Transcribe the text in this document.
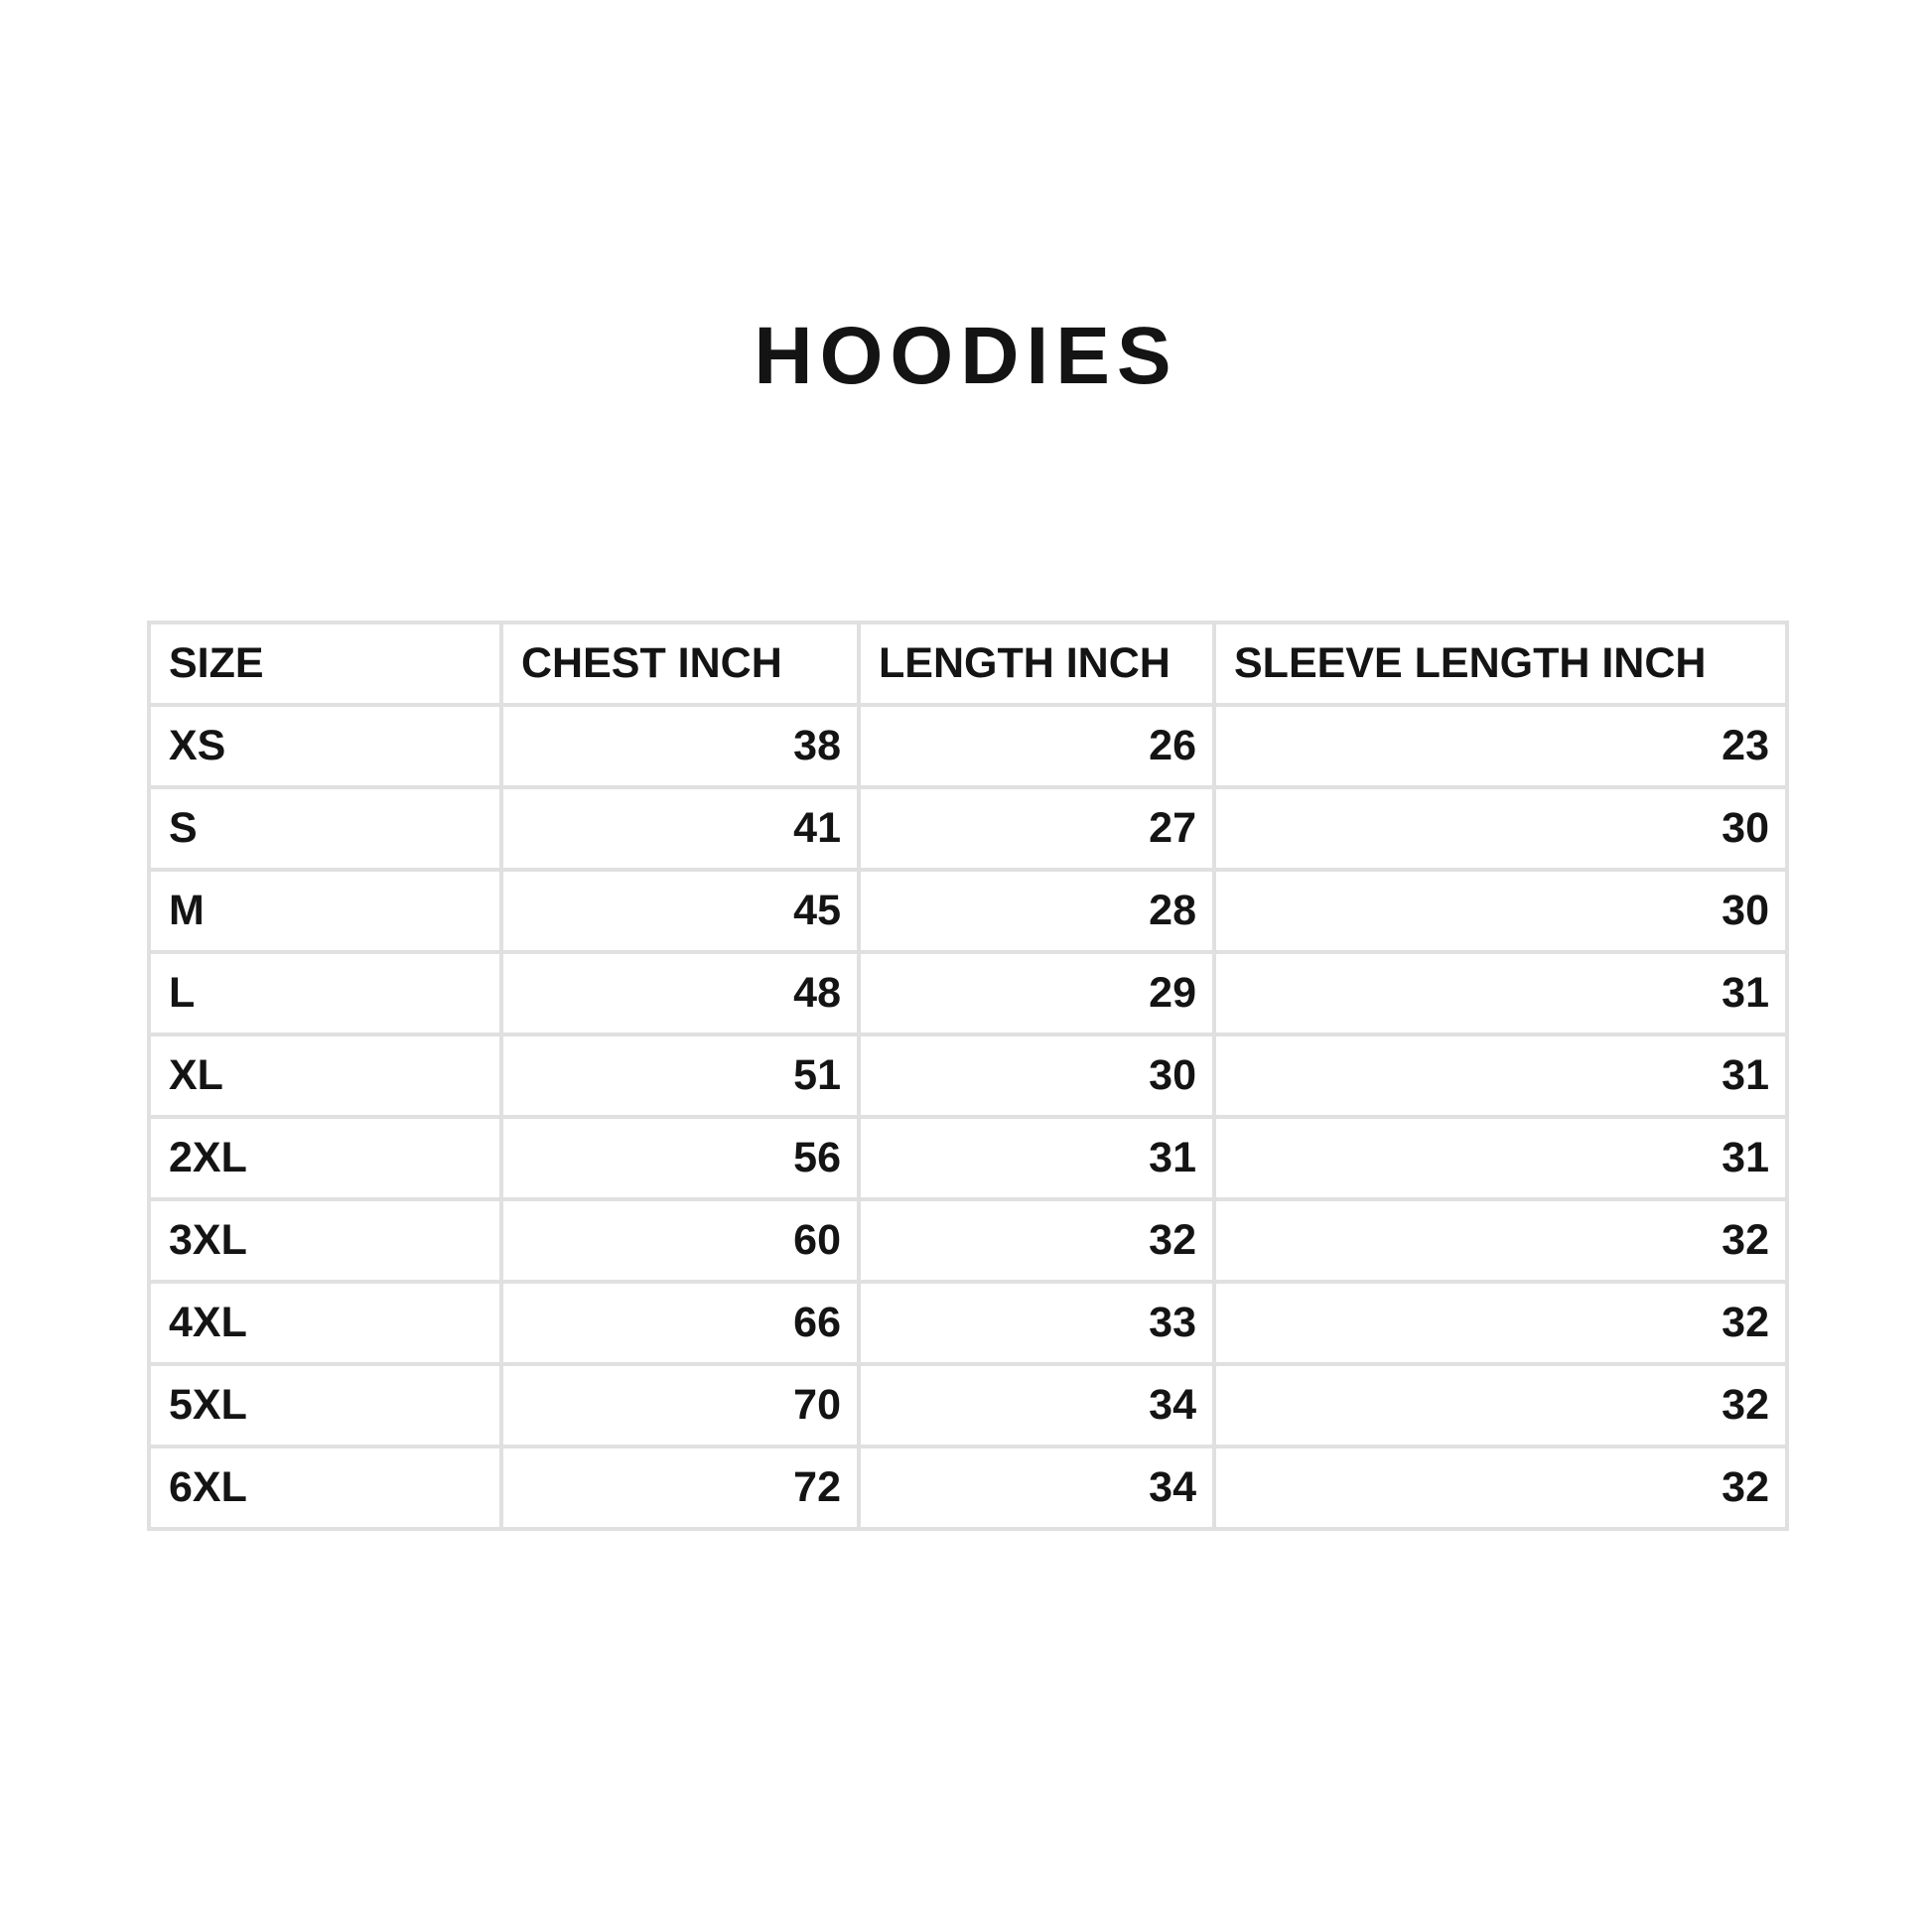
HOODIES
SIZE	CHEST INCH	LENGTH INCH	SLEEVE LENGTH INCH
XS	38	26	23
S	41	27	30
M	45	28	30
L	48	29	31
XL	51	30	31
2XL	56	31	31
3XL	60	32	32
4XL	66	33	32
5XL	70	34	32
6XL	72	34	32
